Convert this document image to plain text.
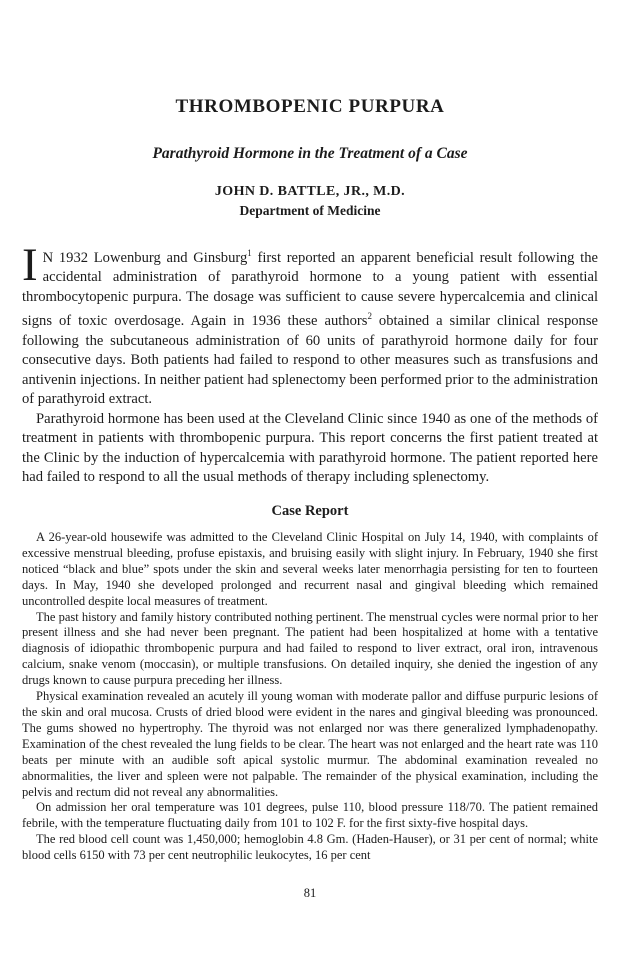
THROMBOPENIC PURPURA
Parathyroid Hormone in the Treatment of a Case
JOHN D. BATTLE, JR., M.D.
Department of Medicine

I N 1932 Lowenburg and Ginsburg$^1$ first reported an apparent beneficial result following the accidental administration of parathyroid hormone to a young patient with essential thrombocytopenic purpura. The dosage was sufficient to cause severe hypercalcemia and clinical signs of toxic overdosage. Again in 1936 these authors$^2$ obtained a similar clinical response following the subcutaneous administration of 60 units of parathyroid hormone daily for four consecutive days. Both patients had failed to respond to other measures such as transfusions and antivenin injections. In neither patient had splenectomy been performed prior to the administration of parathyroid extract.

Parathyroid hormone has been used at the Cleveland Clinic since 1940 as one of the methods of treatment in patients with thrombopenic purpura. This report concerns the first patient treated at the Clinic by the induction of hypercalcemia with parathyroid hormone. The patient reported here had failed to respond to all the usual methods of therapy including splenectomy.

Case Report

A 26-year-old housewife was admitted to the Cleveland Clinic Hospital on July 14, 1940, with complaints of excessive menstrual bleeding, profuse epistaxis, and bruising easily with slight injury. In February, 1940 she first noticed “black and blue” spots under the skin and several weeks later menorrhagia persisting for ten to fourteen days. In May, 1940 she developed prolonged and recurrent nasal and gingival bleeding which remained uncontrolled despite local measures of treatment.

The past history and family history contributed nothing pertinent. The menstrual cycles were normal prior to her present illness and she had never been pregnant. The patient had been hospitalized at home with a tentative diagnosis of idiopathic thrombopenic purpura and had failed to respond to liver extract, oral iron, intravenous calcium, snake venom (moccasin), or multiple transfusions. On detailed inquiry, she denied the ingestion of any drugs known to cause purpura preceding her illness.

Physical examination revealed an acutely ill young woman with moderate pallor and diffuse purpuric lesions of the skin and oral mucosa. Crusts of dried blood were evident in the nares and gingival bleeding was pronounced. The gums showed no hypertrophy. The thyroid was not enlarged nor was there generalized lymphadenopathy. Examination of the chest revealed the lung fields to be clear. The heart was not enlarged and the heart rate was 110 beats per minute with an audible soft apical systolic murmur. The abdominal examination revealed no abnormalities, the liver and spleen were not palpable. The remainder of the physical examination, including the pelvis and rectum did not reveal any abnormalities.

On admission her oral temperature was 101 degrees, pulse 110, blood pressure 118/70. The patient remained febrile, with the temperature fluctuating daily from 101 to 102 F. for the first sixty-five hospital days.

The red blood cell count was 1,450,000; hemoglobin 4.8 Gm. (Haden-Hauser), or 31 per cent of normal; white blood cells 6150 with 73 per cent neutrophilic leukocytes, 16 per cent

81
